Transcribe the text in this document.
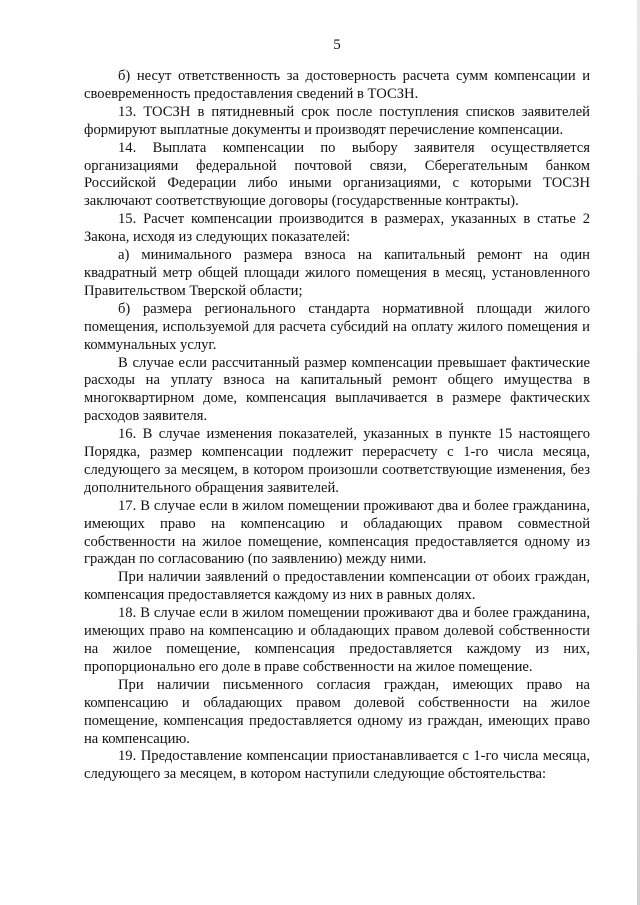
5

б) несут ответственность за достоверность расчета сумм компенсации и своевременность предоставления сведений в ТОСЗН.

13. ТОСЗН в пятидневный срок после поступления списков заявителей формируют выплатные документы и производят перечисление компенсации.

14. Выплата компенсации по выбору заявителя осуществляется организациями федеральной почтовой связи, Сберегательным банком Российской Федерации либо иными организациями, с которыми ТОСЗН заключают соответствующие договоры (государственные контракты).

15. Расчет компенсации производится в размерах, указанных в статье 2 Закона, исходя из следующих показателей:

а) минимального размера взноса на капитальный ремонт на один квадратный метр общей площади жилого помещения в месяц, установленного Правительством Тверской области;

б) размера регионального стандарта нормативной площади жилого помещения, используемой для расчета субсидий на оплату жилого помещения и коммунальных услуг.

В случае если рассчитанный размер компенсации превышает фактические расходы на уплату взноса на капитальный ремонт общего имущества в многоквартирном доме, компенсация выплачивается в размере фактических расходов заявителя.

16. В случае изменения показателей, указанных в пункте 15 настоящего Порядка, размер компенсации подлежит перерасчету с 1-го числа месяца, следующего за месяцем, в котором произошли соответствующие изменения, без дополнительного обращения заявителей.

17. В случае если в жилом помещении проживают два и более гражданина, имеющих право на компенсацию и обладающих правом совместной собственности на жилое помещение, компенсация предоставляется одному из граждан по согласованию (по заявлению) между ними.

При наличии заявлений о предоставлении компенсации от обоих граждан, компенсация предоставляется каждому из них в равных долях.

18. В случае если в жилом помещении проживают два и более гражданина, имеющих право на компенсацию и обладающих правом долевой собственности на жилое помещение, компенсация предоставляется каждому из них, пропорционально его доле в праве собственности на жилое помещение.

При наличии письменного согласия граждан, имеющих право на компенсацию и обладающих правом долевой собственности на жилое помещение, компенсация предоставляется одному из граждан, имеющих право на компенсацию.

19. Предоставление компенсации приостанавливается с 1-го числа месяца, следующего за месяцем, в котором наступили следующие обстоятельства:
